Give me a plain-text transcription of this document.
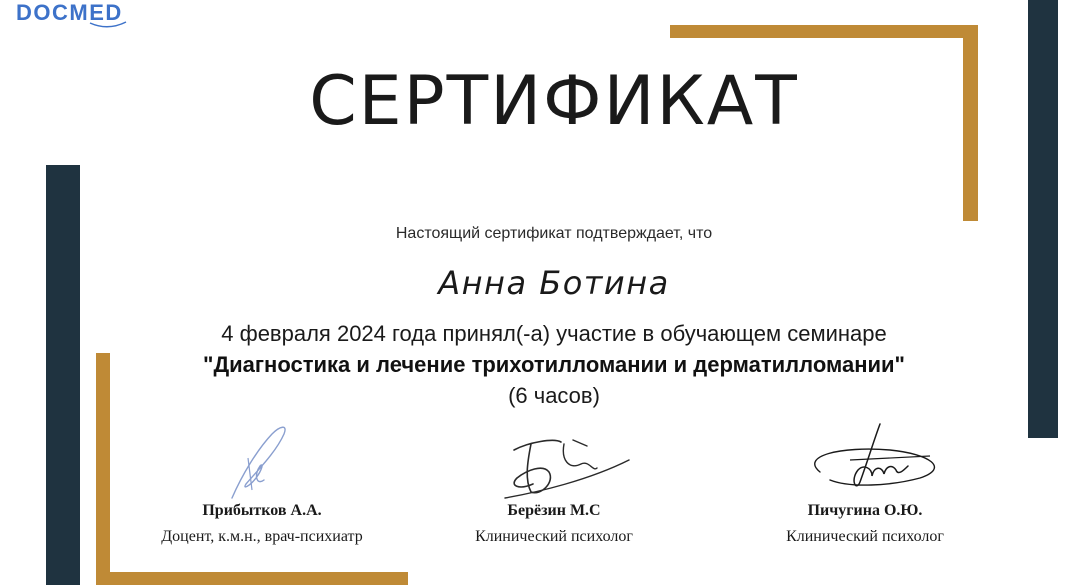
DOCMED
СЕРТИФИКАТ
Настоящий сертификат подтверждает, что
Анна Ботина
4 февраля 2024 года принял(-а) участие в обучающем семинаре
"Диагностика и лечение трихотилломании и дерматилломании"
(6 часов)
Прибытков А.А.
Доцент, к.м.н., врач-психиатр
Берёзин М.С
Клинический психолог
Пичугина О.Ю.
Клинический психолог
